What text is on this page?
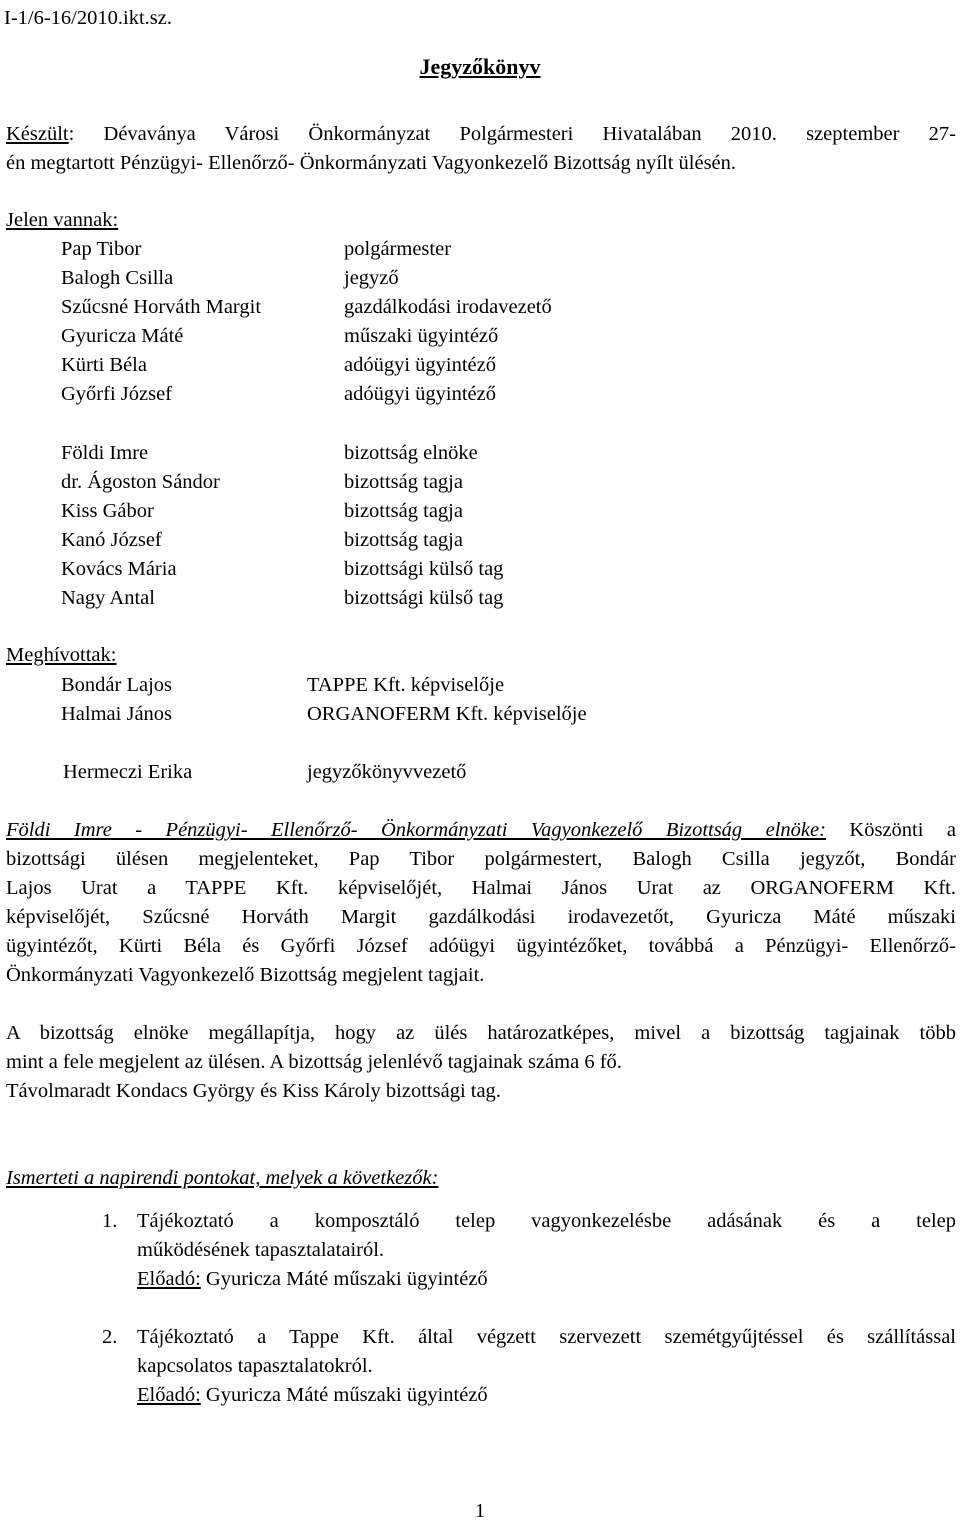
I-1/6-16/2010.ikt.sz.
Jegyzőkönyv
Készült: Dévaványa Városi Önkormányzat Polgármesteri Hivatalában 2010. szeptember 27-
én megtartott Pénzügyi- Ellenőrző- Önkormányzati Vagyonkezelő Bizottság nyílt ülésén.
Jelen vannak:
Pap Tibor	polgármester
Balogh Csilla	jegyző
Szűcsné Horváth Margit	gazdálkodási irodavezető
Gyuricza Máté	műszaki ügyintéző
Kürti Béla	adóügyi ügyintéző
Győrfi József	adóügyi ügyintéző
Földi Imre	bizottság elnöke
dr. Ágoston Sándor	bizottság tagja
Kiss Gábor	bizottság tagja
Kanó József	bizottság tagja
Kovács Mária	bizottsági külső tag
Nagy Antal	bizottsági külső tag
Meghívottak:
Bondár Lajos	TAPPE Kft. képviselője
Halmai János	ORGANOFERM Kft. képviselője
Hermeczi Erika	jegyzőkönyvvezető
Földi Imre - Pénzügyi- Ellenőrző- Önkormányzati Vagyonkezelő Bizottság elnöke: Köszönti a
bizottsági ülésen megjelenteket, Pap Tibor polgármestert, Balogh Csilla jegyzőt, Bondár
Lajos Urat a TAPPE Kft. képviselőjét, Halmai János Urat az ORGANOFERM Kft.
képviselőjét, Szűcsné Horváth Margit gazdálkodási irodavezetőt, Gyuricza Máté műszaki
ügyintézőt, Kürti Béla és Győrfi József adóügyi ügyintézőket, továbbá a Pénzügyi- Ellenőrző-
Önkormányzati Vagyonkezelő Bizottság megjelent tagjait.
A bizottság elnöke megállapítja, hogy az ülés határozatképes, mivel a bizottság tagjainak több
mint a fele megjelent az ülésen. A bizottság jelenlévő tagjainak száma 6 fő.
Távolmaradt Kondacs György és Kiss Károly bizottsági tag.
Ismerteti a napirendi pontokat, melyek a következők:
1. Tájékoztató a komposztáló telep vagyonkezelésbe adásának és a telep
működésének tapasztalatairól.
Előadó: Gyuricza Máté műszaki ügyintéző
2. Tájékoztató a Tappe Kft. által végzett szervezett szemétgyűjtéssel és szállítással
kapcsolatos tapasztalatokról.
Előadó: Gyuricza Máté műszaki ügyintéző
1
